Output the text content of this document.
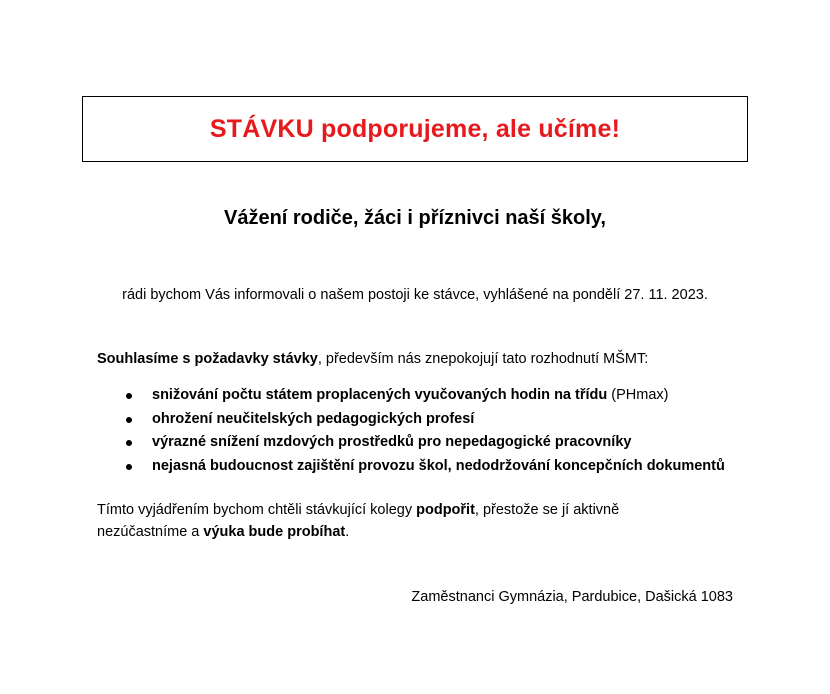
STÁVKU podporujeme, ale učíme!
Vážení rodiče, žáci i příznivci naší školy,
rádi bychom Vás informovali o našem postoji ke stávce, vyhlášené na pondělí 27. 11. 2023.
Souhlasíme s požadavky stávky, především nás znepokojují tato rozhodnutí MŠMT:
snižování počtu státem proplacených vyučovaných hodin na třídu (PHmax)
ohrožení neučitelských pedagogických profesí
výrazné snížení mzdových prostředků pro nepedagogické pracovníky
nejasná budoucnost zajištění provozu škol, nedodržování koncepčních dokumentů
Tímto vyjádřením bychom chtěli stávkující kolegy podpořit, přestože se jí aktivně nezúčastníme a výuka bude probíhat.
Zaměstnanci Gymnázia, Pardubice, Dašická 1083
